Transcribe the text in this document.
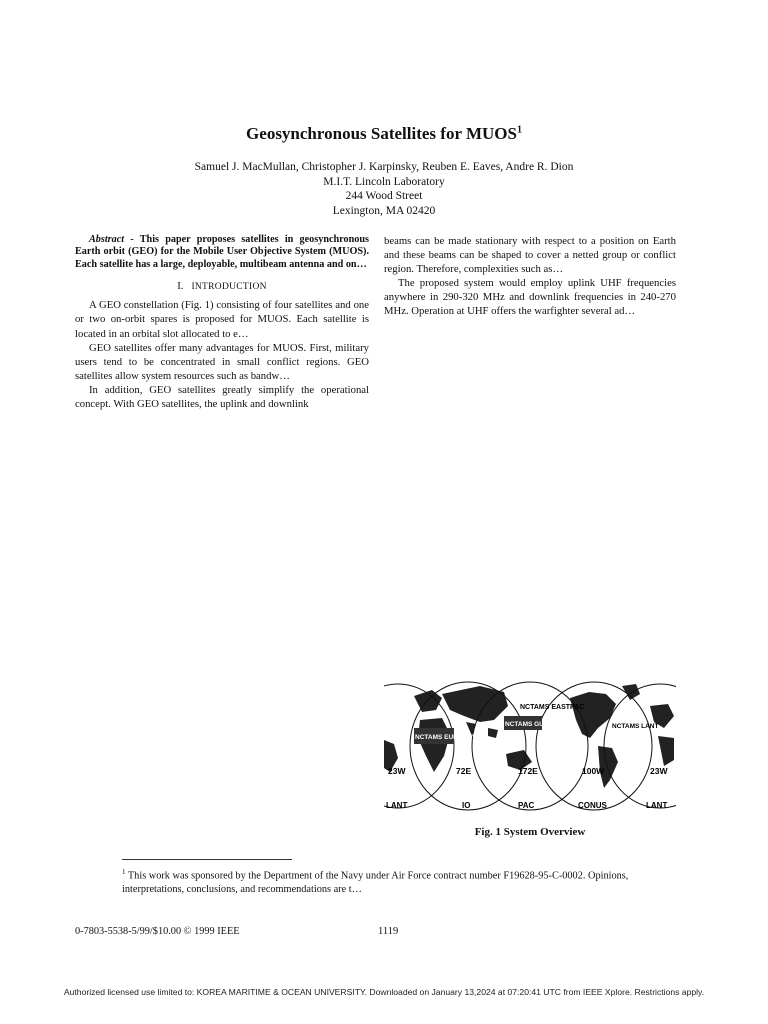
Geosynchronous Satellites for MUOS$^1$
Samuel J. MacMullan, Christopher J. Karpinsky, Reuben E. Eaves, Andre R. Dion
M.I.T. Lincoln Laboratory
244 Wood Street
Lexington, MA 02420

Abstract - This paper proposes satellites in geosynchronous Earth orbit (GEO) for the Mobile User Objective System (MUOS). Each satellite has a large, deployable, multibeam antenna and on…

I. INTRODUCTION

A GEO constellation (Fig. 1) consisting of four satellites and one or two on-orbit spares is proposed for MUOS. Each satellite is located in an orbital slot allocated to e…

GEO satellites offer many advantages for MUOS. First, military users tend to be concentrated in small conflict regions. GEO satellites allow system resources such as bandw…

In addition, GEO satellites greatly simplify the operational concept. With GEO satellites, the uplink and downlink

beams can be made stationary with respect to a position on Earth and these beams can be shaped to cover a netted group or conflict region. Therefore, complexities such as…

The proposed system would employ uplink UHF frequencies anywhere in 290-320 MHz and downlink frequencies in 240-270 MHz. Operation at UHF offers the warfighter several ad…

NCTAMS EASTPAC
NCTAMS GUAM
NCTAMS EURCENT
NCTAMS LANT
23W	72E	172E	100W	23W
LANT	IO	PAC	CONUS	LANT
Fig. 1 System Overview
$^1$ This work was sponsored by the Department of the Navy under Air Force contract number F19628-95-C-0002. Opinions, interpretations, conclusions, and recommendations are t…
0-7803-5538-5/99/$10.00 © 1999 IEEE	1119
Authorized licensed use limited to: KOREA MARITIME & OCEAN UNIVERSITY. Downloaded on January 13,2024 at 07:20:41 UTC from IEEE Xplore. Restrictions apply.
